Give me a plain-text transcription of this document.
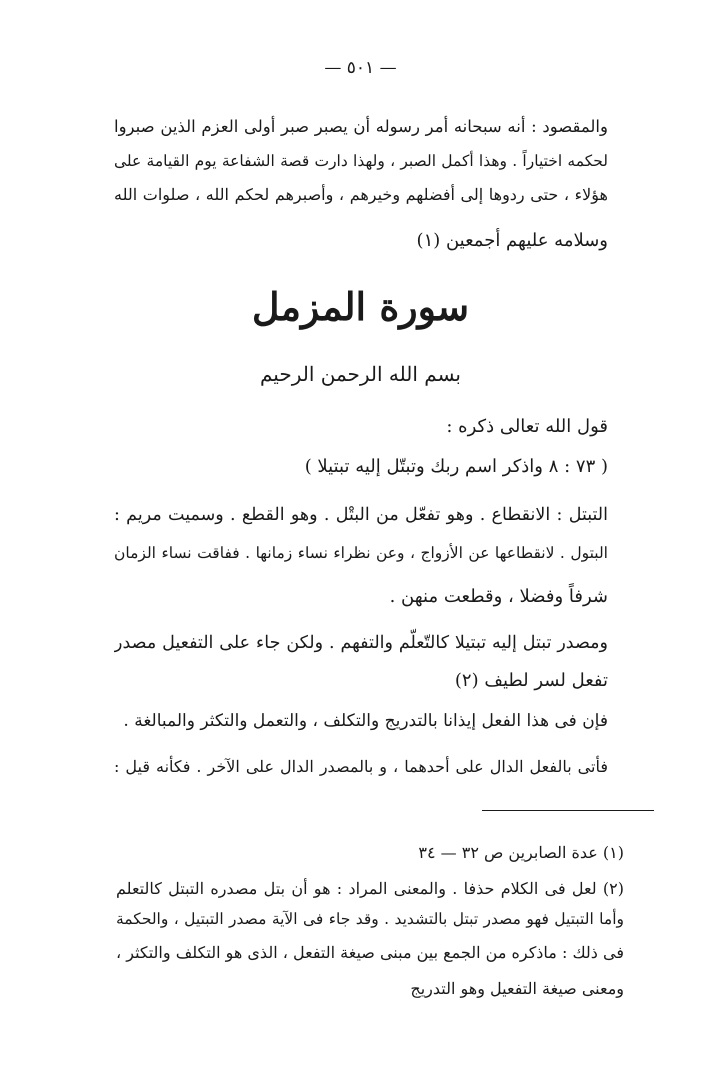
— ٥٠١ —
والمقصود : أنه سبحانه أمر رسوله أن يصبر صبر أولى العزم الذين صبروا
لحكمه اختياراً . وهذا أكمل الصبر ، ولهذا دارت قصة الشفاعة يوم القيامة على
هؤلاء ، حتى ردوها إلى أفضلهم وخيرهم ، وأصبرهم لحكم الله ، صلوات الله
وسلامه عليهم أجمعين (١)
سورة المزمل
بسم الله الرحمن الرحيم
قول الله تعالى ذكره :
( ٧٣ : ٨ واذكر اسم ربك وتبتّل إليه تبتيلا )
التبتل : الانقطاع . وهو تفعّل من البتْل . وهو القطع . وسميت مريم :
البتول . لانقطاعها عن الأزواج ، وعن نظراء نساء زمانها . ففاقت نساء الزمان
شرفاً وفضلا ، وقطعت منهن .
ومصدر تبتل إليه تبتيلا كالتّعلّم والتفهم . ولكن جاء على التفعيل مصدر
تفعل لسر لطيف (٢)
فإن فى هذا الفعل إيذانا بالتدريج والتكلف ، والتعمل والتكثر والمبالغة .
فأتى بالفعل الدال على أحدهما ، و بالمصدر الدال على الآخر . فكأنه قيل :
(١) عدة الصابرين ص ٣٢ — ٣٤
(٢) لعل فى الكلام حذفا . والمعنى المراد : هو أن بتل مصدره التبتل كالتعلم
وأما التبتيل فهو مصدر تبتل بالتشديد . وقد جاء فى الآية مصدر التبتيل ، والحكمة
فى ذلك : ماذكره من الجمع بين مبنى صيغة التفعل ، الذى هو التكلف والتكثر ،
ومعنى صيغة التفعيل وهو التدريج
